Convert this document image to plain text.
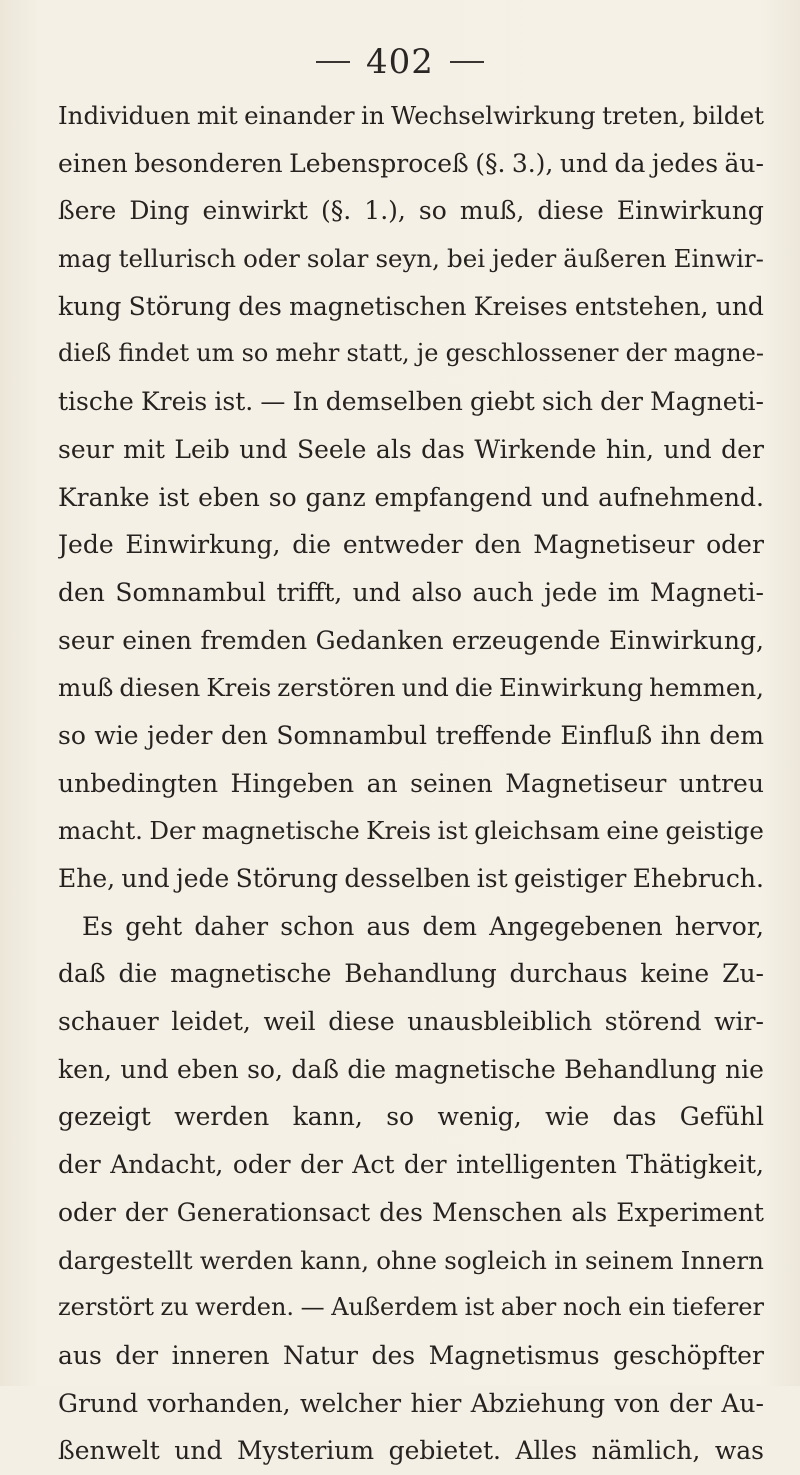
402
Individuen mit einander in Wechselwirkung treten, bildet
einen besonderen Lebensproceß (§. 3.), und da jedes äu-
ßere Ding einwirkt (§. 1.), so muß, diese Einwirkung
mag tellurisch oder solar seyn, bei jeder äußeren Einwir-
kung Störung des magnetischen Kreises entstehen, und
dieß findet um so mehr statt, je geschlossener der magne-
tische Kreis ist. — In demselben giebt sich der Magneti-
seur mit Leib und Seele als das Wirkende hin, und der
Kranke ist eben so ganz empfangend und aufnehmend.
Jede Einwirkung, die entweder den Magnetiseur oder
den Somnambul trifft, und also auch jede im Magneti-
seur einen fremden Gedanken erzeugende Einwirkung,
muß diesen Kreis zerstören und die Einwirkung hemmen,
so wie jeder den Somnambul treffende Einfluß ihn dem
unbedingten Hingeben an seinen Magnetiseur untreu
macht. Der magnetische Kreis ist gleichsam eine geistige
Ehe, und jede Störung desselben ist geistiger Ehebruch.
Es geht daher schon aus dem Angegebenen hervor,
daß die magnetische Behandlung durchaus keine Zu-
schauer leidet, weil diese unausbleiblich störend wir-
ken, und eben so, daß die magnetische Behandlung nie
gezeigt werden kann, so wenig, wie das Gefühl
der Andacht, oder der Act der intelligenten Thätigkeit,
oder der Generationsact des Menschen als Experiment
dargestellt werden kann, ohne sogleich in seinem Innern
zerstört zu werden. — Außerdem ist aber noch ein tieferer
aus der inneren Natur des Magnetismus geschöpfter
Grund vorhanden, welcher hier Abziehung von der Au-
ßenwelt und Mysterium gebietet. Alles nämlich, was
